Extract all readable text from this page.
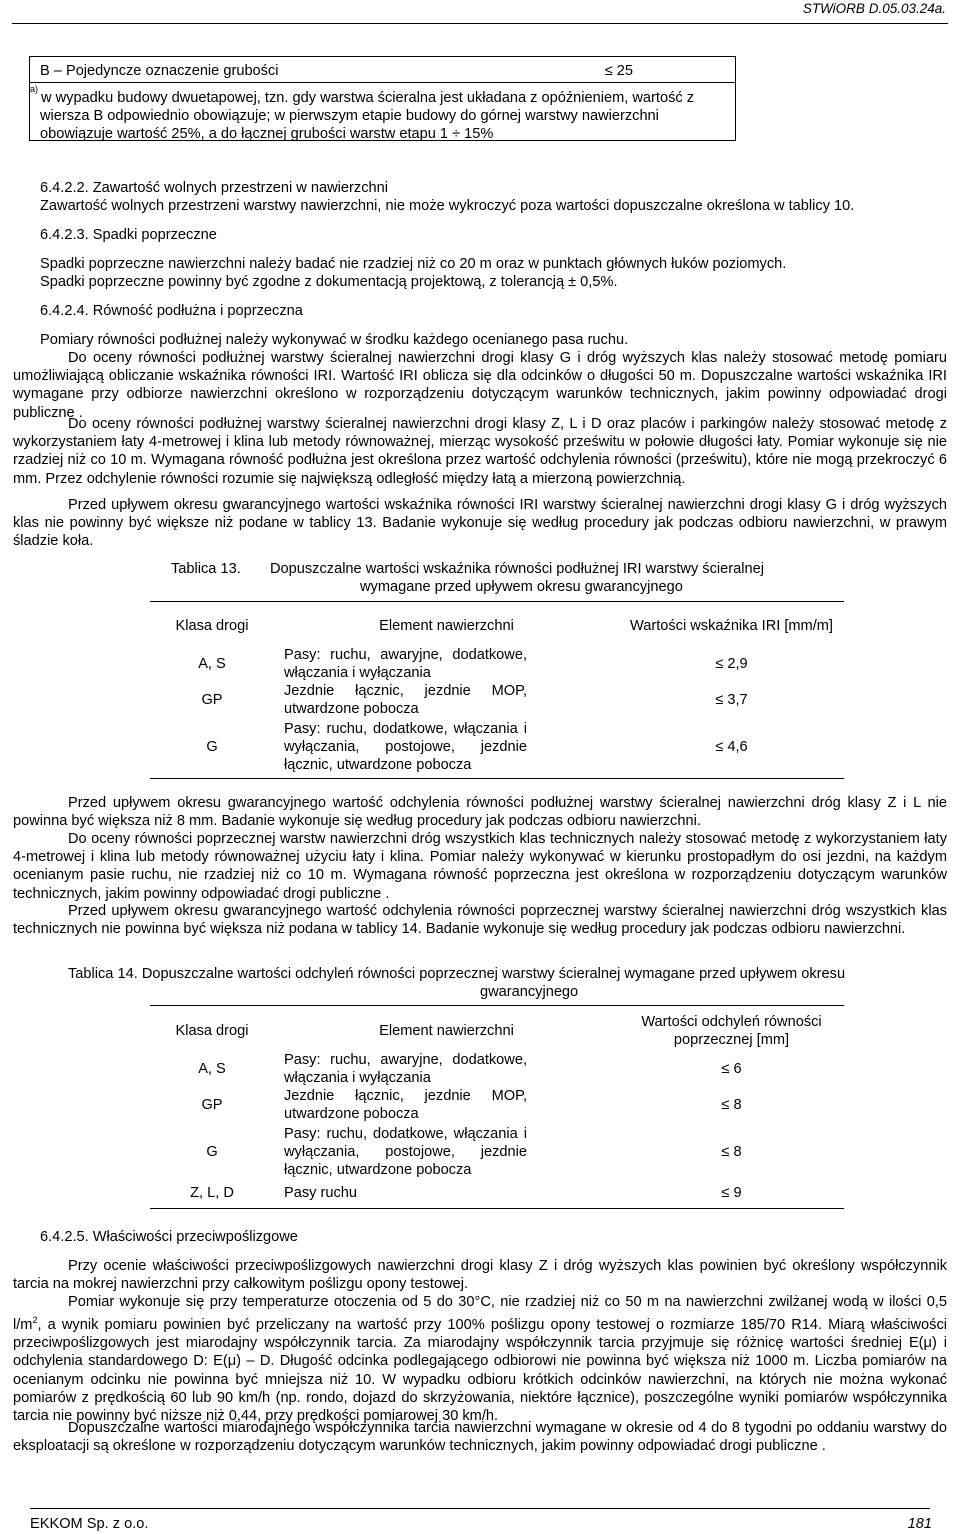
STWiORB D.05.03.24a.
B – Pojedyncze oznaczenie grubości	≤ 25
$^{a)}$w wypadku budowy dwuetapowej, tzn. gdy warstwa ścieralna jest układana z opóźnieniem, wartość z wiersza B odpowiednio obowiązuje; w pierwszym etapie budowy do górnej warstwy nawierzchni obowiązuje wartość 25%, a do łącznej grubości warstw etapu 1 ÷ 15%
6.4.2.2. Zawartość wolnych przestrzeni w nawierzchni
Zawartość wolnych przestrzeni warstwy nawierzchni, nie może wykroczyć poza wartości dopuszczalne określona w tablicy 10.
6.4.2.3. Spadki poprzeczne
Spadki poprzeczne nawierzchni należy badać nie rzadziej niż co 20 m oraz w punktach głównych łuków poziomych.
Spadki poprzeczne powinny być zgodne z dokumentacją projektową, z tolerancją ± 0,5%.
6.4.2.4. Równość podłużna i poprzeczna
Pomiary równości podłużnej należy wykonywać w środku każdego ocenianego pasa ruchu.
Do oceny równości podłużnej warstwy ścieralnej nawierzchni drogi klasy G i dróg wyższych klas należy stosować metodę pomiaru umożliwiającą obliczanie wskaźnika równości IRI. Wartość IRI oblicza się dla odcinków o długości 50 m. Dopuszczalne wartości wskaźnika IRI wymagane przy odbiorze nawierzchni określono w rozporządzeniu dotyczącym warunków technicznych, jakim powinny odpowiadać drogi publiczne .
Do oceny równości podłużnej warstwy ścieralnej nawierzchni drogi klasy Z, L i D oraz placów i parkingów należy stosować metodę z wykorzystaniem łaty 4-metrowej i klina lub metody równoważnej, mierząc wysokość prześwitu w połowie długości łaty. Pomiar wykonuje się nie rzadziej niż co 10 m. Wymagana równość podłużna jest określona przez wartość odchylenia równości (prześwitu), które nie mogą przekroczyć 6 mm. Przez odchylenie równości rozumie się największą odległość między łatą a mierzoną powierzchnią.
Przed upływem okresu gwarancyjnego wartości wskaźnika równości IRI warstwy ścieralnej nawierzchni drogi klasy G i dróg wyższych klas nie powinny być większe niż podane w tablicy 13. Badanie wykonuje się według procedury jak podczas odbioru nawierzchni, w prawym śladzie koła.
Tablica 13. Dopuszczalne wartości wskaźnika równości podłużnej IRI warstwy ścieralnej
wymagane przed upływem okresu gwarancyjnego
Klasa drogi	Element nawierzchni	Wartości wskaźnika IRI [mm/m]
A, S	Pasy: ruchu, awaryjne, dodatkowe, włączania i wyłączania	≤ 2,9
GP	Jezdnie łącznic, jezdnie MOP, utwardzone pobocza	≤ 3,7
G	Pasy: ruchu, dodatkowe, włączania i wyłączania, postojowe, jezdnie łącznic, utwardzone pobocza	≤ 4,6
Przed upływem okresu gwarancyjnego wartość odchylenia równości podłużnej warstwy ścieralnej nawierzchni dróg klasy Z i L nie powinna być większa niż 8 mm. Badanie wykonuje się według procedury jak podczas odbioru nawierzchni.
Do oceny równości poprzecznej warstw nawierzchni dróg wszystkich klas technicznych należy stosować metodę z wykorzystaniem łaty 4-metrowej i klina lub metody równoważnej użyciu łaty i klina. Pomiar należy wykonywać w kierunku prostopadłym do osi jezdni, na każdym ocenianym pasie ruchu, nie rzadziej niż co 10 m. Wymagana równość poprzeczna jest określona w rozporządzeniu dotyczącym warunków technicznych, jakim powinny odpowiadać drogi publiczne .
Przed upływem okresu gwarancyjnego wartość odchylenia równości poprzecznej warstwy ścieralnej nawierzchni dróg wszystkich klas technicznych nie powinna być większa niż podana w tablicy 14. Badanie wykonuje się według procedury jak podczas odbioru nawierzchni.
Tablica 14. Dopuszczalne wartości odchyleń równości poprzecznej warstwy ścieralnej wymagane przed upływem okresu
gwarancyjnego
Klasa drogi	Element nawierzchni	Wartości odchyleń równości poprzecznej [mm]
A, S	Pasy: ruchu, awaryjne, dodatkowe, włączania i wyłączania	≤ 6
GP	Jezdnie łącznic, jezdnie MOP, utwardzone pobocza	≤ 8
G	Pasy: ruchu, dodatkowe, włączania i wyłączania, postojowe, jezdnie łącznic, utwardzone pobocza	≤ 8
Z, L, D	Pasy ruchu	≤ 9
6.4.2.5. Właściwości przeciwpoślizgowe
Przy ocenie właściwości przeciwpoślizgowych nawierzchni drogi klasy Z i dróg wyższych klas powinien być określony współczynnik tarcia na mokrej nawierzchni przy całkowitym poślizgu opony testowej.
Pomiar wykonuje się przy temperaturze otoczenia od 5 do 30°C, nie rzadziej niż co 50 m na nawierzchni zwilżanej wodą w ilości 0,5 $l/m^2$, a wynik pomiaru powinien być przeliczany na wartość przy 100% poślizgu opony testowej o rozmiarze 185/70 R14. Miarą właściwości przeciwpoślizgowych jest miarodajny współczynnik tarcia. Za miarodajny współczynnik tarcia przyjmuje się różnicę wartości średniej E(μ) i odchylenia standardowego D: E(μ) – D. Długość odcinka podlegającego odbiorowi nie powinna być większa niż 1000 m. Liczba pomiarów na ocenianym odcinku nie powinna być mniejsza niż 10. W wypadku odbioru krótkich odcinków nawierzchni, na których nie można wykonać pomiarów z prędkością 60 lub 90 km/h (np. rondo, dojazd do skrzyżowania, niektóre łącznice), poszczególne wyniki pomiarów współczynnika tarcia nie powinny być niższe niż 0,44, przy prędkości pomiarowej 30 km/h.
Dopuszczalne wartości miarodajnego współczynnika tarcia nawierzchni wymagane w okresie od 4 do 8 tygodni po oddaniu warstwy do eksploatacji są określone w rozporządzeniu dotyczącym warunków technicznych, jakim powinny odpowiadać drogi publiczne .
EKKOM Sp. z o.o.	181
